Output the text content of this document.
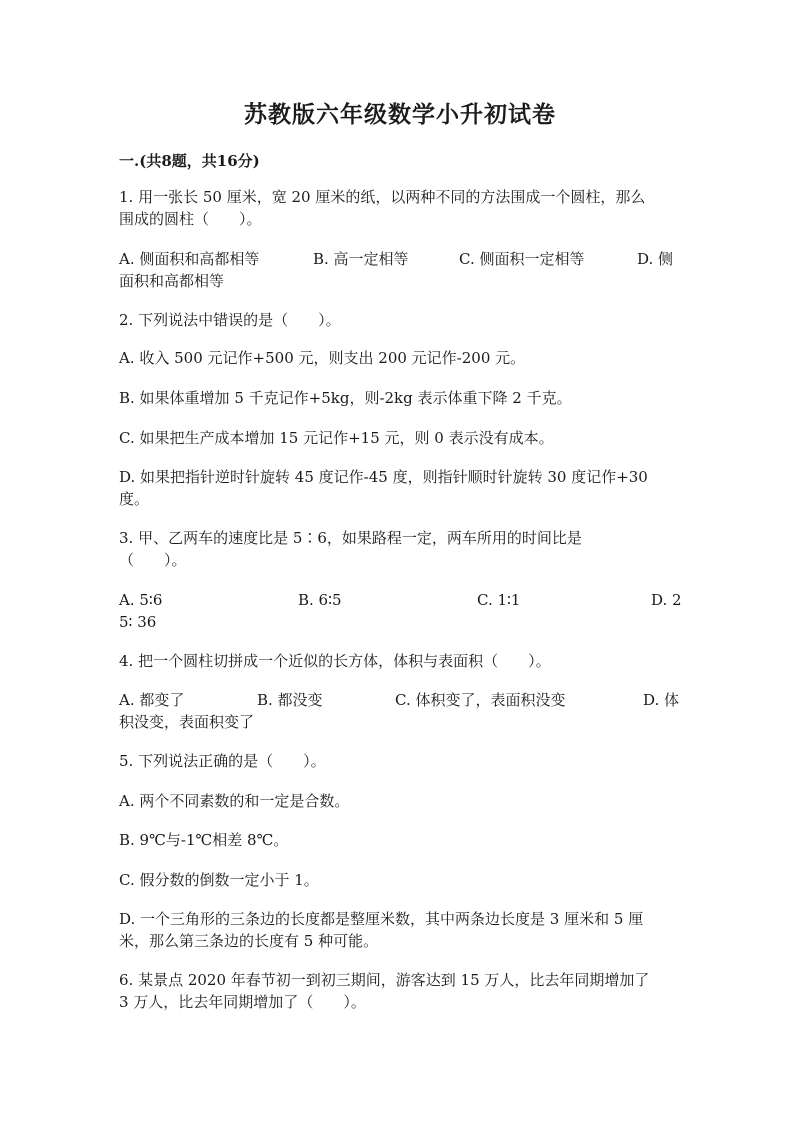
苏教版六年级数学小升初试卷
一.(共8题，共16分)
1. 用一张长 50 厘米，宽 20 厘米的纸，以两种不同的方法围成一个圆柱，那么
围成的圆柱（　　）。
A. 侧面积和高都相等	B. 高一定相等	C. 侧面积一定相等	D. 侧
面积和高都相等
2. 下列说法中错误的是（　　）。
A. 收入 500 元记作+500 元，则支出 200 元记作-200 元。
B. 如果体重增加 5 千克记作+5kg，则-2kg 表示体重下降 2 千克。
C. 如果把生产成本增加 15 元记作+15 元，则 0 表示没有成本。
D. 如果把指针逆时针旋转 45 度记作-45 度，则指针顺时针旋转 30 度记作+30
度。
3. 甲、乙两车的速度比是 5∶6，如果路程一定，两车所用的时间比是
（　　）。
A. 5∶6	B. 6∶5	C. 1∶1	D. 2
5∶ 36
4. 把一个圆柱切拼成一个近似的长方体，体积与表面积（　　）。
A. 都变了	B. 都没变	C. 体积变了，表面积没变	D. 体
积没变，表面积变了
5. 下列说法正确的是（　　）。
A. 两个不同素数的和一定是合数。
B. 9℃与-1℃相差 8℃。
C. 假分数的倒数一定小于 1。
D. 一个三角形的三条边的长度都是整厘米数，其中两条边长度是 3 厘米和 5 厘
米，那么第三条边的长度有 5 种可能。
6. 某景点 2020 年春节初一到初三期间，游客达到 15 万人，比去年同期增加了
3 万人，比去年同期增加了（　　）。
